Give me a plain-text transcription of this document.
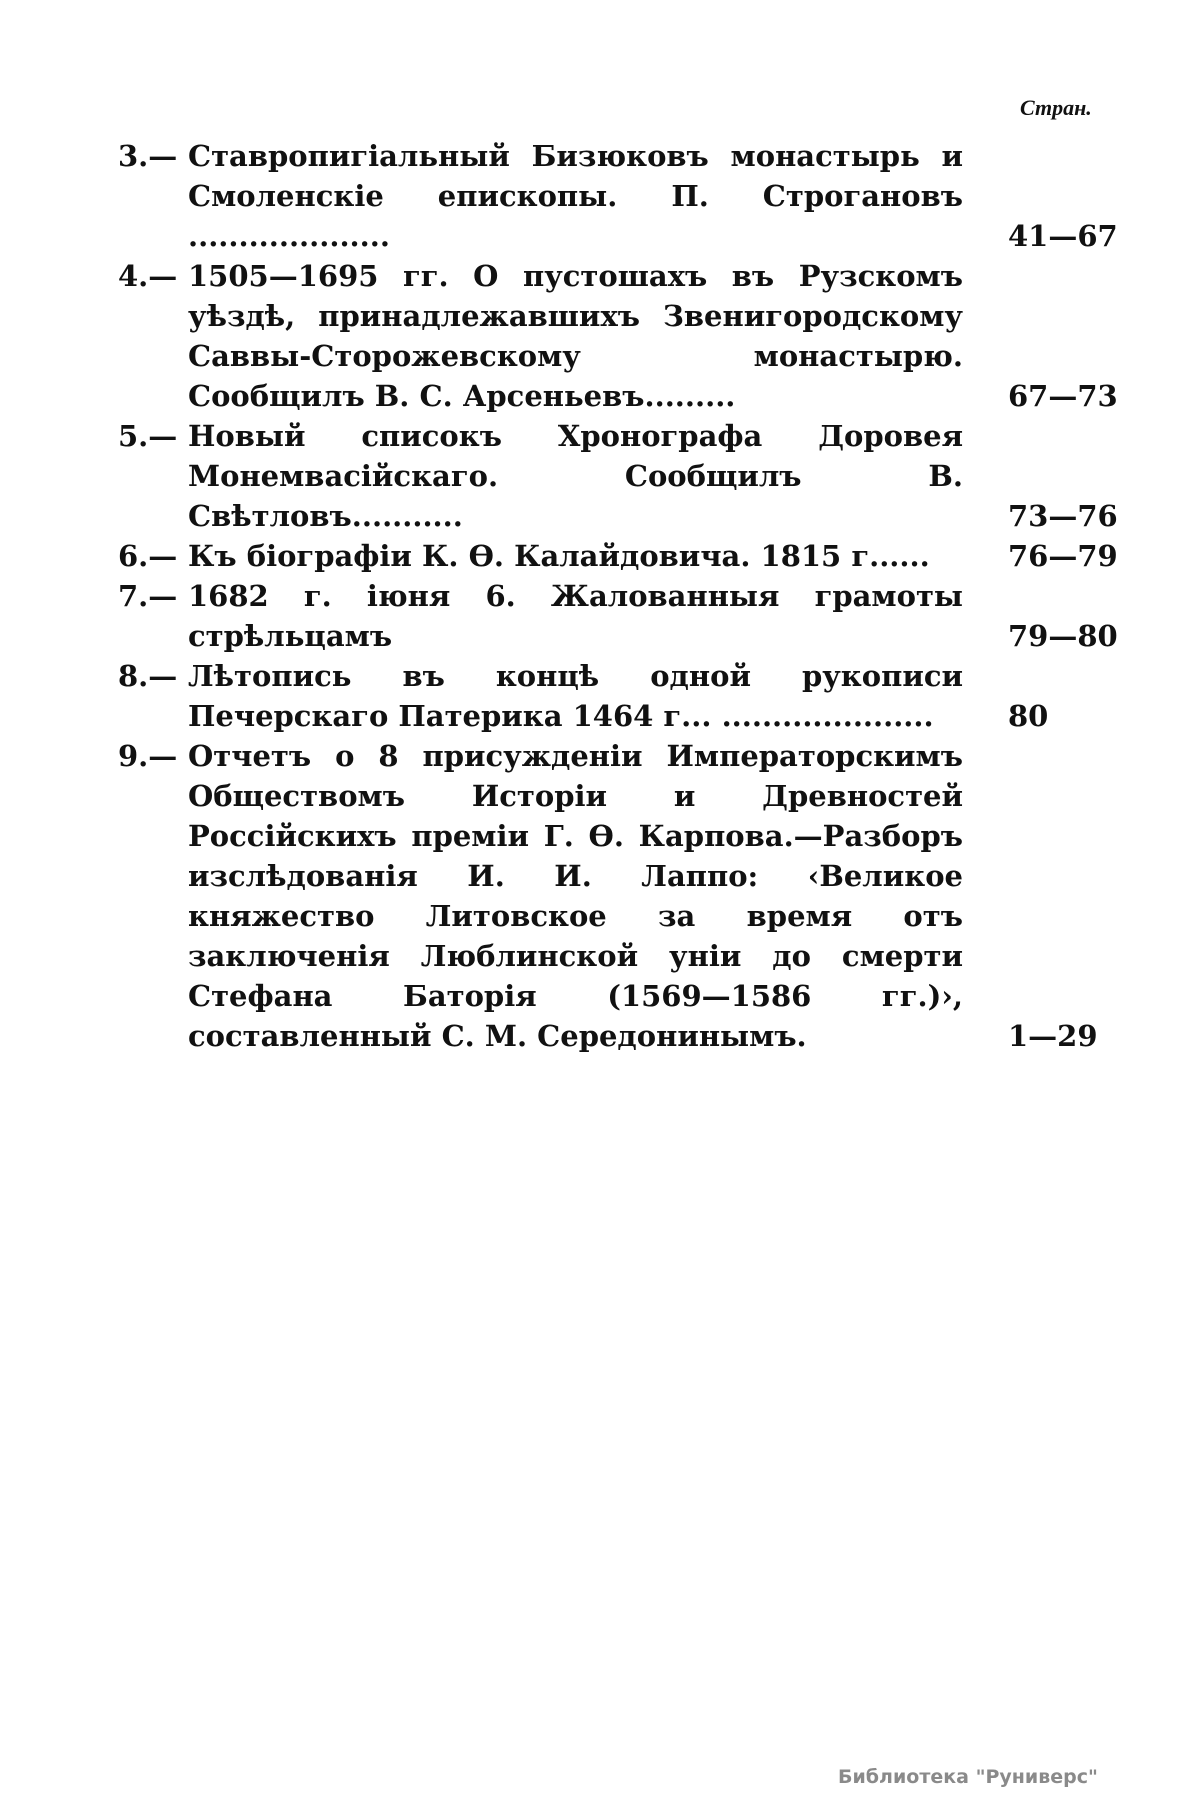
Стран.
3.— Ставропигіальный Бизюковъ монастырь и Смоленскіе епископы. П. Строгановъ ....................	41—67
4.— 1505—1695 гг. О пустошахъ въ Рузскомъ уѣздѣ, принадлежавшихъ Звенигородскому Саввы-Сторожевскому монастырю. Сообщилъ В. С. Арсеньевъ.........	67—73
5.— Новый списокъ Хронографа Доровея Монемвасійскаго. Сообщилъ В. Свѣтловъ...........	73—76
6.— Къ біографіи К. Ѳ. Калайдовича. 1815 г......	76—79
7.— 1682 г. іюня 6. Жалованныя грамоты стрѣльцамъ	79—80
8.— Лѣтопись въ концѣ одной рукописи Печерскаго Патерика 1464 г... .....................	80
9.— Отчетъ о 8 присужденіи Императорскимъ Обществомъ Исторіи и Древностей Россійскихъ преміи Г. Ѳ. Карпова.—Разборъ изслѣдованія И. И. Лаппо: ‹Великое княжество Литовское за время отъ заключенія Люблинской уніи до смерти Стефана Баторія (1569—1586 гг.)›, составленный С. М. Середонинымъ.	1—29
Библиотека "Руниверс"
